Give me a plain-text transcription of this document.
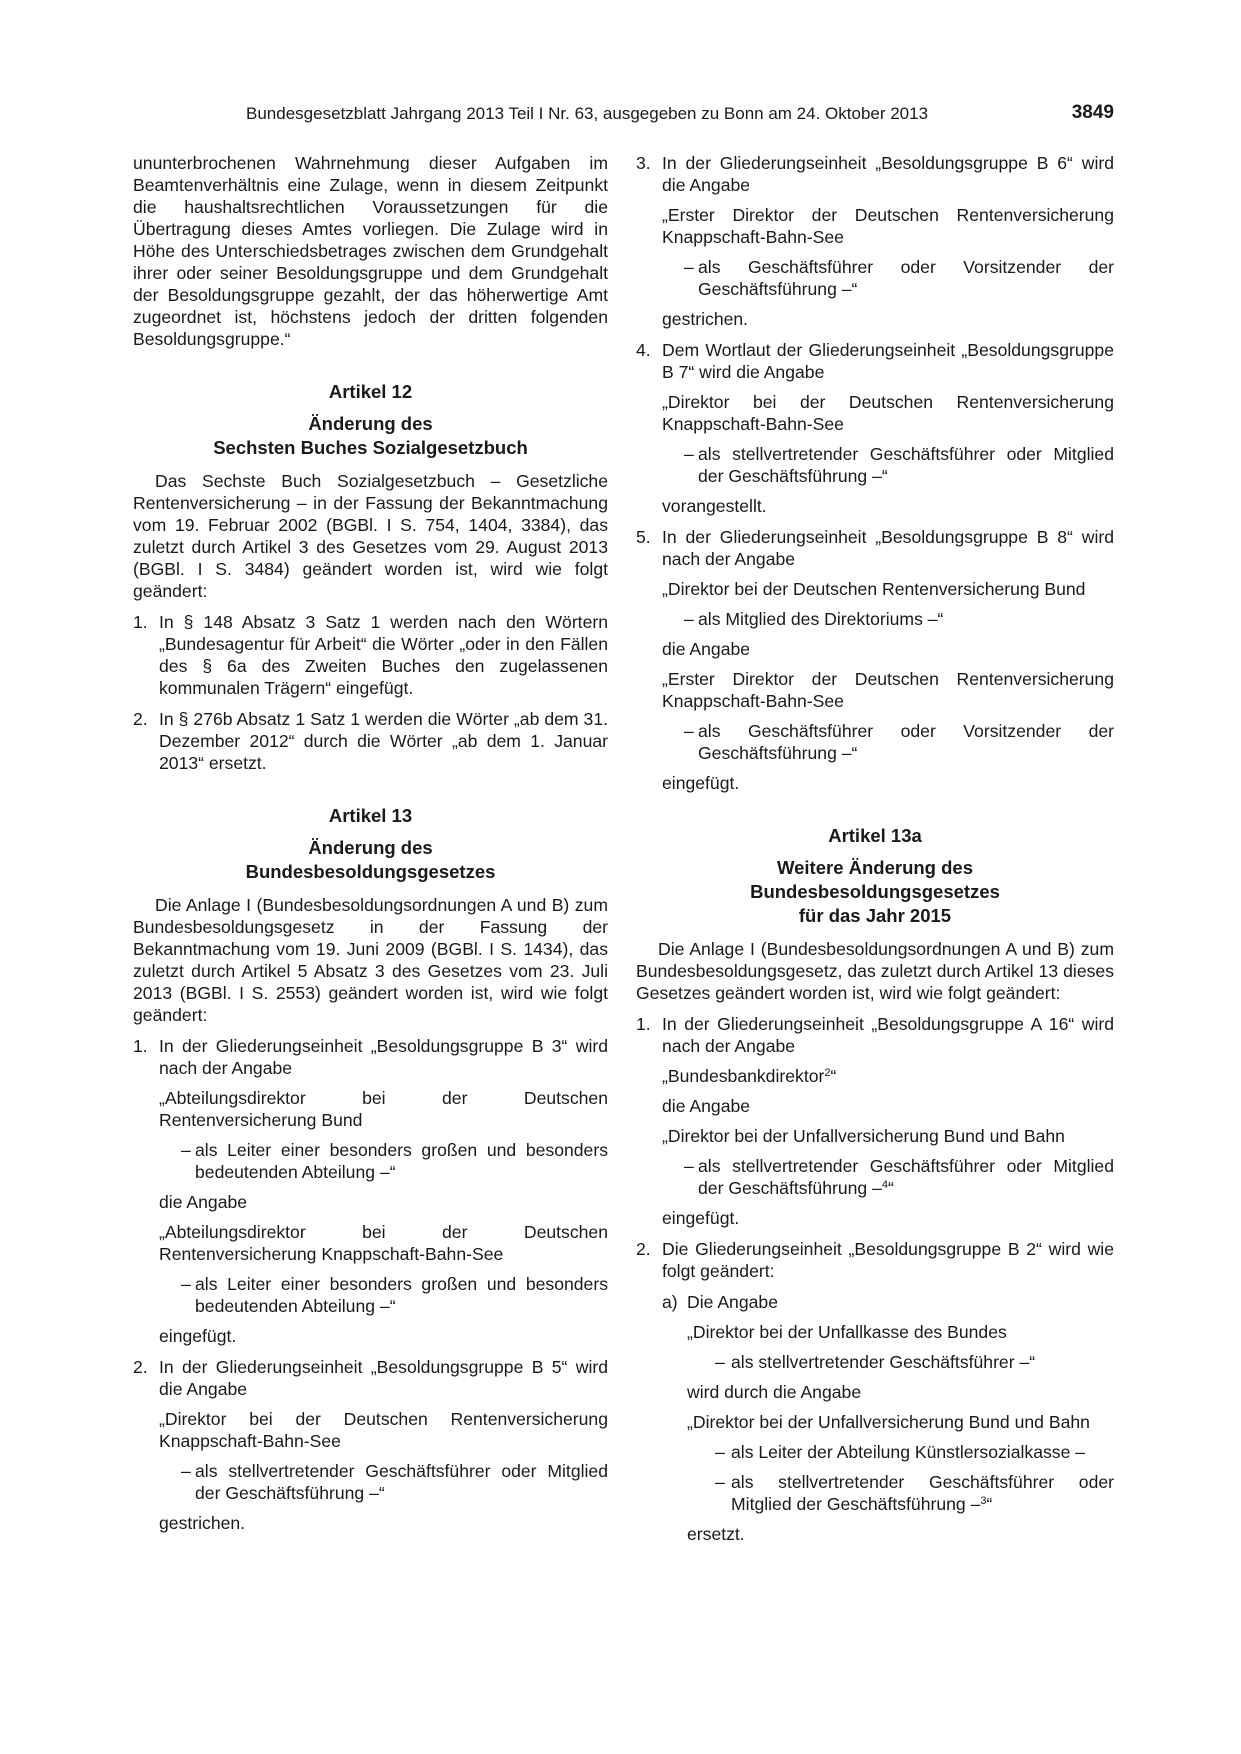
Bundesgesetzblatt Jahrgang 2013 Teil I Nr. 63, ausgegeben zu Bonn am 24. Oktober 2013	3849

ununterbrochenen Wahrnehmung dieser Aufgaben im Beamtenverhältnis eine Zulage, wenn in diesem Zeitpunkt die haushaltsrechtlichen Voraussetzungen für die Übertragung dieses Amtes vorliegen. Die Zulage wird in Höhe des Unterschiedsbetrages zwischen dem Grundgehalt ihrer oder seiner Besoldungsgruppe und dem Grundgehalt der Besoldungsgruppe gezahlt, der das höherwertige Amt zugeordnet ist, höchstens jedoch der dritten folgenden Besoldungsgruppe.“

Artikel 12
Änderung des
Sechsten Buches Sozialgesetzbuch

Das Sechste Buch Sozialgesetzbuch – Gesetzliche Rentenversicherung – in der Fassung der Bekanntmachung vom 19. Februar 2002 (BGBl. I S. 754, 1404, 3384), das zuletzt durch Artikel 3 des Gesetzes vom 29. August 2013 (BGBl. I S. 3484) geändert worden ist, wird wie folgt geändert:

1. In § 148 Absatz 3 Satz 1 werden nach den Wörtern „Bundesagentur für Arbeit“ die Wörter „oder in den Fällen des § 6a des Zweiten Buches den zugelassenen kommunalen Trägern“ eingefügt.

2. In § 276b Absatz 1 Satz 1 werden die Wörter „ab dem 31. Dezember 2012“ durch die Wörter „ab dem 1. Januar 2013“ ersetzt.

Artikel 13
Änderung des
Bundesbesoldungsgesetzes

Die Anlage I (Bundesbesoldungsordnungen A und B) zum Bundesbesoldungsgesetz in der Fassung der Bekanntmachung vom 19. Juni 2009 (BGBl. I S. 1434), das zuletzt durch Artikel 5 Absatz 3 des Gesetzes vom 23. Juli 2013 (BGBl. I S. 2553) geändert worden ist, wird wie folgt geändert:

1. In der Gliederungseinheit „Besoldungsgruppe B 3“ wird nach der Angabe

„Abteilungsdirektor bei der Deutschen Rentenversicherung Bund

– als Leiter einer besonders großen und besonders bedeutenden Abteilung –“

die Angabe

„Abteilungsdirektor bei der Deutschen Rentenversicherung Knappschaft-Bahn-See

– als Leiter einer besonders großen und besonders bedeutenden Abteilung –“

eingefügt.

2. In der Gliederungseinheit „Besoldungsgruppe B 5“ wird die Angabe

„Direktor bei der Deutschen Rentenversicherung Knappschaft-Bahn-See

– als stellvertretender Geschäftsführer oder Mitglied der Geschäftsführung –“

gestrichen.

3. In der Gliederungseinheit „Besoldungsgruppe B 6“ wird die Angabe

„Erster Direktor der Deutschen Rentenversicherung Knappschaft-Bahn-See

– als Geschäftsführer oder Vorsitzender der Geschäftsführung –“

gestrichen.

4. Dem Wortlaut der Gliederungseinheit „Besoldungsgruppe B 7“ wird die Angabe

„Direktor bei der Deutschen Rentenversicherung Knappschaft-Bahn-See

– als stellvertretender Geschäftsführer oder Mitglied der Geschäftsführung –“

vorangestellt.

5. In der Gliederungseinheit „Besoldungsgruppe B 8“ wird nach der Angabe

„Direktor bei der Deutschen Rentenversicherung Bund

– als Mitglied des Direktoriums –“

die Angabe

„Erster Direktor der Deutschen Rentenversicherung Knappschaft-Bahn-See

– als Geschäftsführer oder Vorsitzender der Geschäftsführung –“

eingefügt.

Artikel 13a
Weitere Änderung des
Bundesbesoldungsgesetzes
für das Jahr 2015

Die Anlage I (Bundesbesoldungsordnungen A und B) zum Bundesbesoldungsgesetz, das zuletzt durch Artikel 13 dieses Gesetzes geändert worden ist, wird wie folgt geändert:

1. In der Gliederungseinheit „Besoldungsgruppe A 16“ wird nach der Angabe

„Bundesbankdirektor$^2$“

die Angabe

„Direktor bei der Unfallversicherung Bund und Bahn

– als stellvertretender Geschäftsführer oder Mitglied der Geschäftsführung –$^4$“

eingefügt.

2. Die Gliederungseinheit „Besoldungsgruppe B 2“ wird wie folgt geändert:

a) Die Angabe

„Direktor bei der Unfallkasse des Bundes

– als stellvertretender Geschäftsführer –“

wird durch die Angabe

„Direktor bei der Unfallversicherung Bund und Bahn

– als Leiter der Abteilung Künstlersozialkasse –
– als stellvertretender Geschäftsführer oder Mitglied der Geschäftsführung –$^3$“

ersetzt.
